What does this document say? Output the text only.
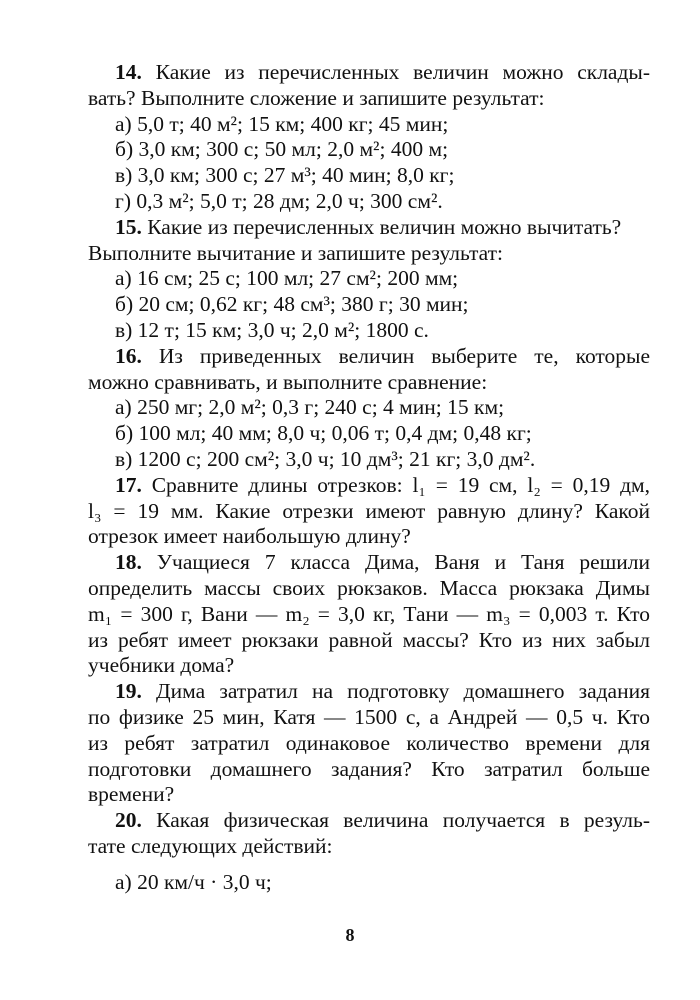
14. Какие из перечисленных величин можно склады-
вать? Выполните сложение и запишите результат:
а) 5,0 т; 40 м²; 15 км; 400 кг; 45 мин;
б) 3,0 км; 300 с; 50 мл; 2,0 м²; 400 м;
в) 3,0 км; 300 с; 27 м³; 40 мин; 8,0 кг;
г) 0,3 м²; 5,0 т; 28 дм; 2,0 ч; 300 см².
15. Какие из перечисленных величин можно вычитать?
Выполните вычитание и запишите результат:
а) 16 см; 25 с; 100 мл; 27 см²; 200 мм;
б) 20 см; 0,62 кг; 48 см³; 380 г; 30 мин;
в) 12 т; 15 км; 3,0 ч; 2,0 м²; 1800 с.
16. Из приведенных величин выберите те, которые
можно сравнивать, и выполните сравнение:
а) 250 мг; 2,0 м²; 0,3 г; 240 с; 4 мин; 15 км;
б) 100 мл; 40 мм; 8,0 ч; 0,06 т; 0,4 дм; 0,48 кг;
в) 1200 с; 200 см²; 3,0 ч; 10 дм³; 21 кг; 3,0 дм².
17. Сравните длины отрезков: l₁ = 19 см, l₂ = 0,19 дм,
l₃ = 19 мм. Какие отрезки имеют равную длину? Какой
отрезок имеет наибольшую длину?
18. Учащиеся 7 класса Дима, Ваня и Таня решили
определить массы своих рюкзаков. Масса рюкзака Димы
m₁ = 300 г, Вани — m₂ = 3,0 кг, Тани — m₃ = 0,003 т. Кто
из ребят имеет рюкзаки равной массы? Кто из них забыл
учебники дома?
19. Дима затратил на подготовку домашнего задания
по физике 25 мин, Катя — 1500 с, а Андрей — 0,5 ч. Кто
из ребят затратил одинаковое количество времени для
подготовки домашнего задания? Кто затратил больше
времени?
20. Какая физическая величина получается в резуль-
тате следующих действий:
а) 20 км/ч · 3,0 ч;
8
